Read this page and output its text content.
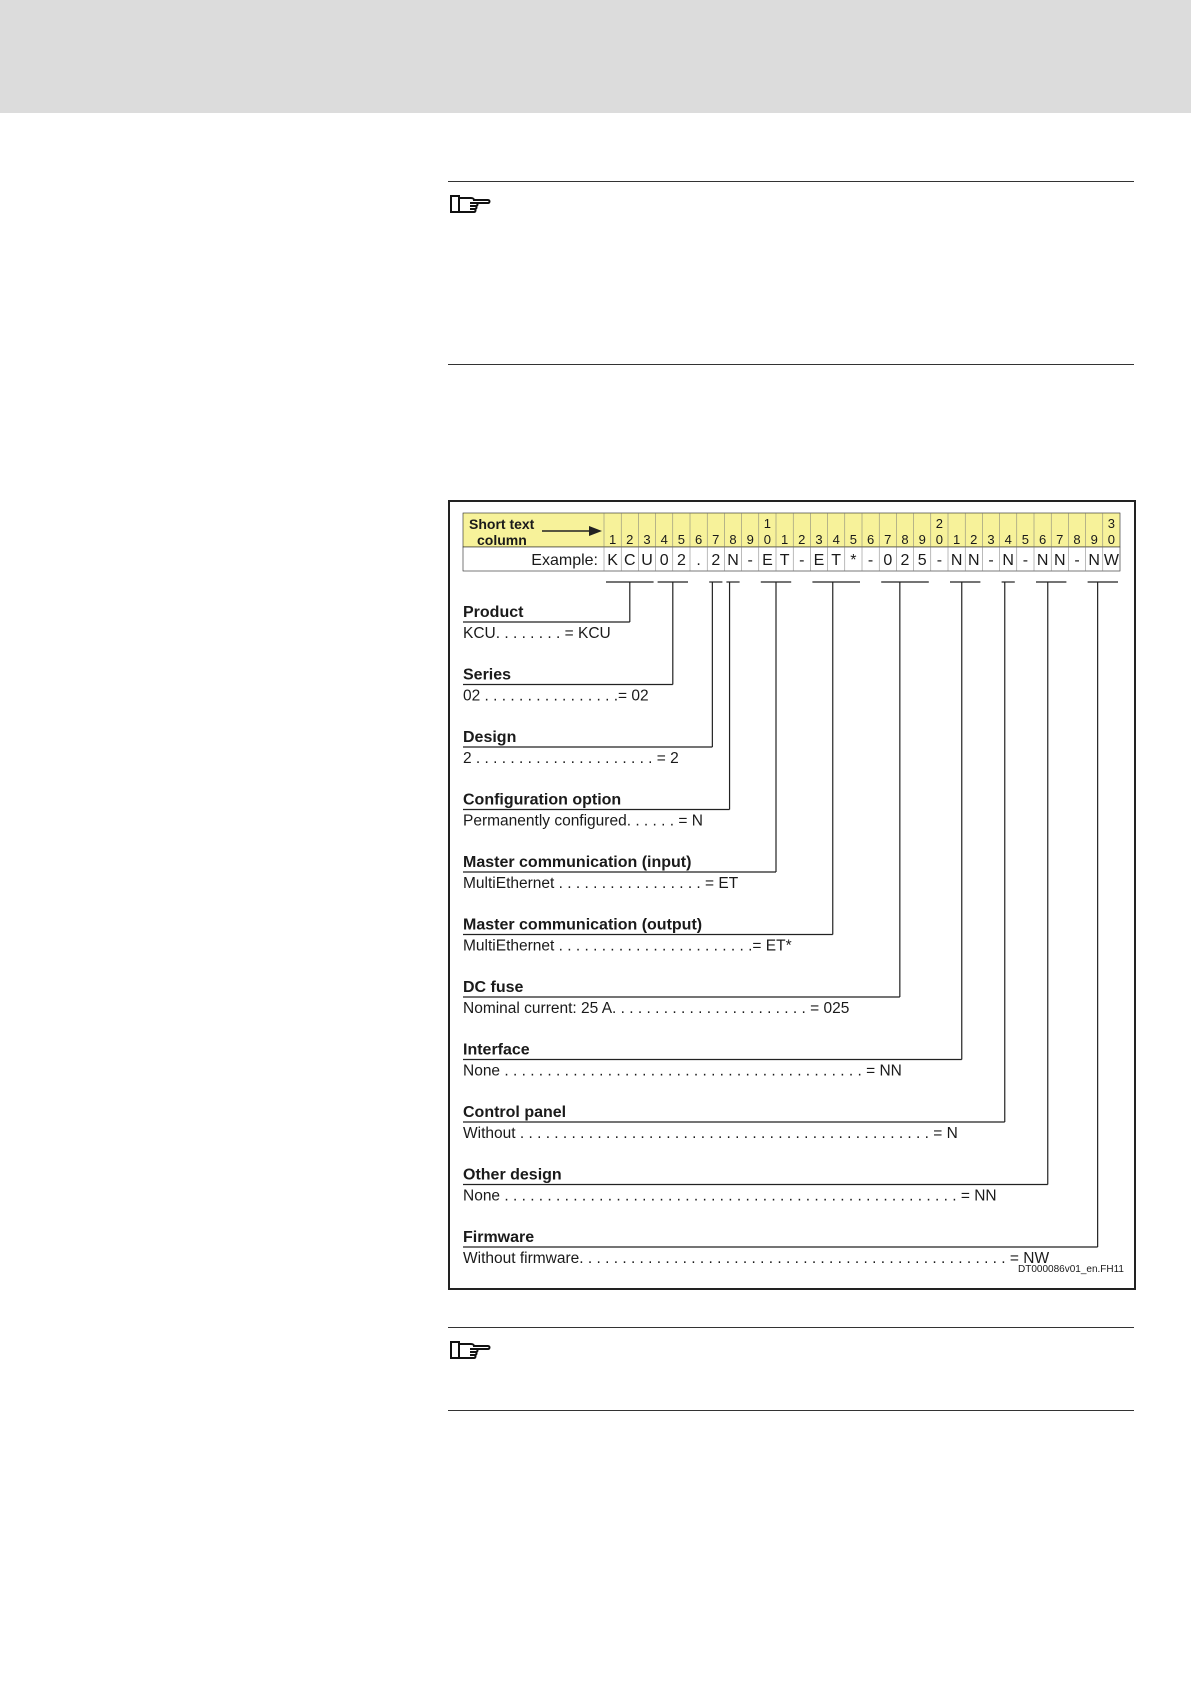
Short text
column
1	2	3
1 2 3 4 5 6 7 8 9 0 1 2 3 4 5 6 7 8 9 0 1 2 3 4 5 6 7 8 9 0
Example: K C U 0 2 . 2 N - E T - E T * - 0 2 5 - N N - N - N N - N W
Product
KCU. . . . . . . . = KCU
Series
02 . . . . . . . . . . . . . . . .= 02
Design
2 . . . . . . . . . . . . . . . . . . . . . = 2
Configuration option
Permanently configured. . . . . . = N
Master communication (input)
MultiEthernet . . . . . . . . . . . . . . . . . = ET
Master communication (output)
MultiEthernet . . . . . . . . . . . . . . . . . . . . . . .= ET*
DC fuse
Nominal current: 25 A. . . . . . . . . . . . . . . . . . . . . . . = 025
Interface
None . . . . . . . . . . . . . . . . . . . . . . . . . . . . . . . . . . . . . . . . . . = NN
Control panel
Without . . . . . . . . . . . . . . . . . . . . . . . . . . . . . . . . . . . . . . . . . . . . . . . . = N
Other design
None . . . . . . . . . . . . . . . . . . . . . . . . . . . . . . . . . . . . . . . . . . . . . . . . . . . . . = NN
Firmware
Without firmware. . . . . . . . . . . . . . . . . . . . . . . . . . . . . . . . . . . . . . . . . . . . . . . . . . = NW
DT000086v01_en.FH11
